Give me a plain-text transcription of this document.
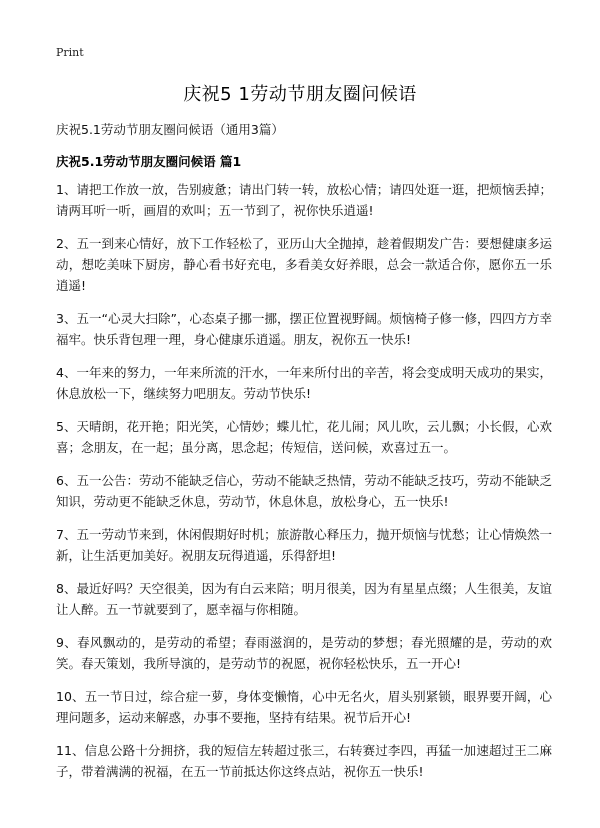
Print
庆祝5 1劳动节朋友圈问候语

庆祝5.1劳动节朋友圈问候语（通用3篇）

庆祝5.1劳动节朋友圈问候语 篇1

1、请把工作放一放，告别疲惫；请出门转一转，放松心情；请四处逛一逛，把烦恼丢掉；请两耳听一听，画眉的欢叫；五一节到了，祝你快乐逍遥!

2、五一到来心情好，放下工作轻松了，亚历山大全抛掉，趁着假期发广告：要想健康多运动，想吃美味下厨房，静心看书好充电，多看美女好养眼，总会一款适合你，愿你五一乐逍遥!

3、五一“心灵大扫除”，心态桌子挪一挪，摆正位置视野阔。烦恼椅子修一修，四四方方幸福牢。快乐背包理一理，身心健康乐逍遥。朋友，祝你五一快乐!

4、一年来的努力，一年来所流的汗水，一年来所付出的辛苦，将会变成明天成功的果实，休息放松一下，继续努力吧朋友。劳动节快乐!

5、天晴朗，花开艳；阳光笑，心情妙；蝶儿忙，花儿闹；风儿吹，云儿飘；小长假，心欢喜；念朋友，在一起；虽分离，思念起；传短信，送问候，欢喜过五一。

6、五一公告：劳动不能缺乏信心，劳动不能缺乏热情，劳动不能缺乏技巧，劳动不能缺乏知识，劳动更不能缺乏休息，劳动节，休息休息，放松身心，五一快乐!

7、五一劳动节来到，休闲假期好时机；旅游散心释压力，抛开烦恼与忧愁；让心情焕然一新，让生活更加美好。祝朋友玩得逍遥，乐得舒坦!

8、最近好吗？天空很美，因为有白云来陪；明月很美，因为有星星点缀；人生很美，友谊让人醉。五一节就要到了，愿幸福与你相随。

9、春风飘动的，是劳动的希望；春雨滋润的，是劳动的梦想；春光照耀的是，劳动的欢笑。春天策划，我所导演的，是劳动节的祝愿，祝你轻松快乐，五一开心!

10、五一节日过，综合症一萝，身体变懒惰，心中无名火，眉头别紧锁，眼界要开阔，心理问题多，运动来解惑，办事不要拖，坚持有结果。祝节后开心!

11、信息公路十分拥挤，我的短信左转超过张三，右转赛过李四，再猛一加速超过王二麻子，带着满满的祝福，在五一节前抵达你这终点站，祝你五一快乐!
